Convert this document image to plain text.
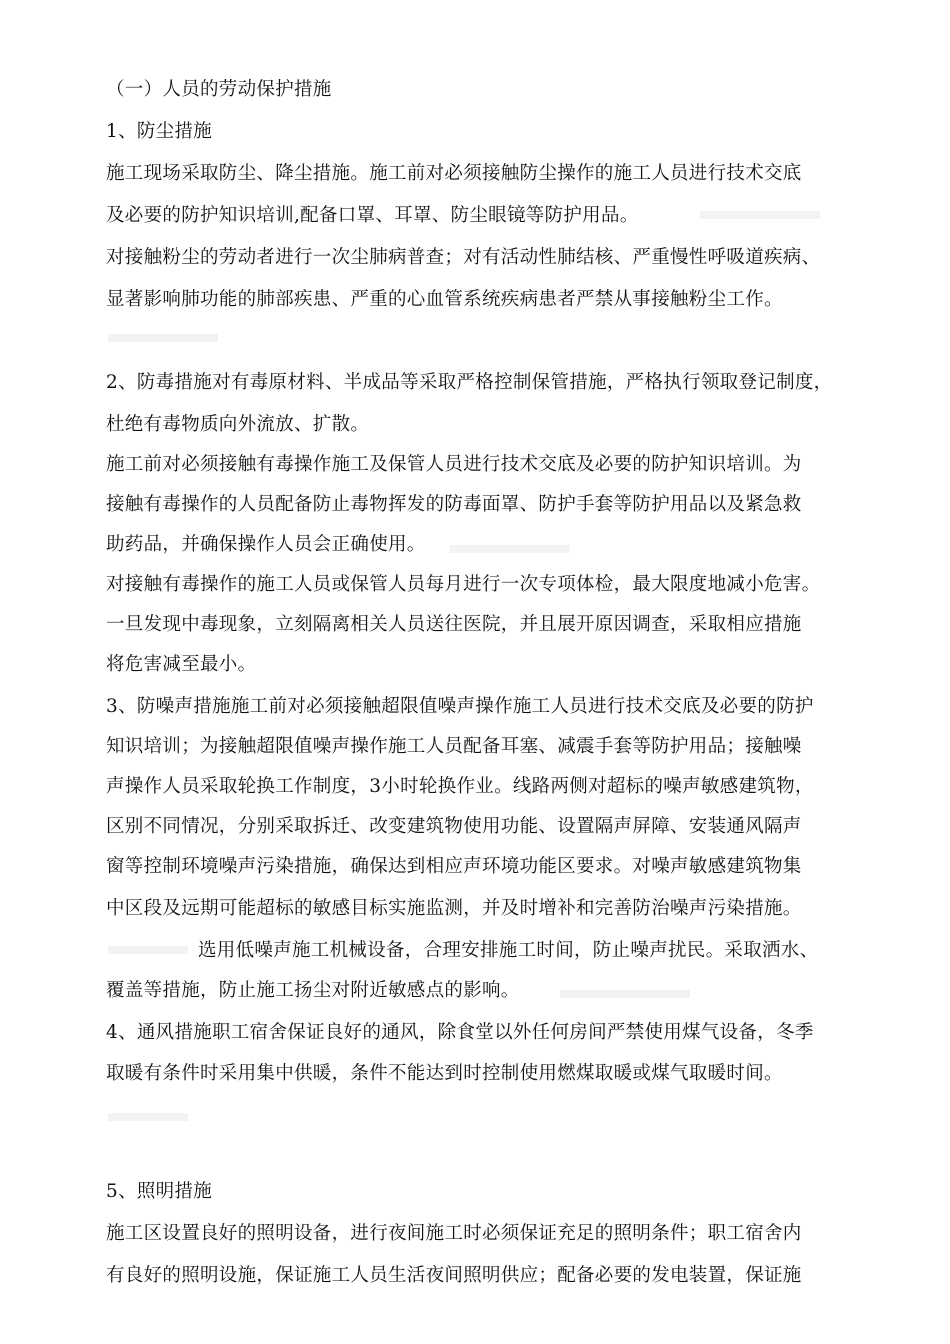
（一）人员的劳动保护措施
1、防尘措施
施工现场采取防尘、降尘措施。施工前对必须接触防尘操作的施工人员进行技术交底
及必要的防护知识培训,配备口罩、耳罩、防尘眼镜等防护用品。
对接触粉尘的劳动者进行一次尘肺病普查；对有活动性肺结核、严重慢性呼吸道疾病、
显著影响肺功能的肺部疾患、严重的心血管系统疾病患者严禁从事接触粉尘工作。
2、防毒措施对有毒原材料、半成品等采取严格控制保管措施，严格执行领取登记制度，
杜绝有毒物质向外流放、扩散。
施工前对必须接触有毒操作施工及保管人员进行技术交底及必要的防护知识培训。为
接触有毒操作的人员配备防止毒物挥发的防毒面罩、防护手套等防护用品以及紧急救
助药品，并确保操作人员会正确使用。
对接触有毒操作的施工人员或保管人员每月进行一次专项体检，最大限度地减小危害。
一旦发现中毒现象，立刻隔离相关人员送往医院，并且展开原因调查，采取相应措施
将危害减至最小。
3、防噪声措施施工前对必须接触超限值噪声操作施工人员进行技术交底及必要的防护
知识培训；为接触超限值噪声操作施工人员配备耳塞、减震手套等防护用品；接触噪
声操作人员采取轮换工作制度，3小时轮换作业。线路两侧对超标的噪声敏感建筑物，
区别不同情况，分别采取拆迁、改变建筑物使用功能、设置隔声屏障、安装通风隔声
窗等控制环境噪声污染措施，确保达到相应声环境功能区要求。对噪声敏感建筑物集
中区段及远期可能超标的敏感目标实施监测，并及时增补和完善防治噪声污染措施。
选用低噪声施工机械设备，合理安排施工时间，防止噪声扰民。采取洒水、
覆盖等措施，防止施工扬尘对附近敏感点的影响。
4、通风措施职工宿舍保证良好的通风，除食堂以外任何房间严禁使用煤气设备，冬季
取暖有条件时采用集中供暖，条件不能达到时控制使用燃煤取暖或煤气取暖时间。
5、照明措施
施工区设置良好的照明设备，进行夜间施工时必须保证充足的照明条件；职工宿舍内
有良好的照明设施，保证施工人员生活夜间照明供应；配备必要的发电装置，保证施
